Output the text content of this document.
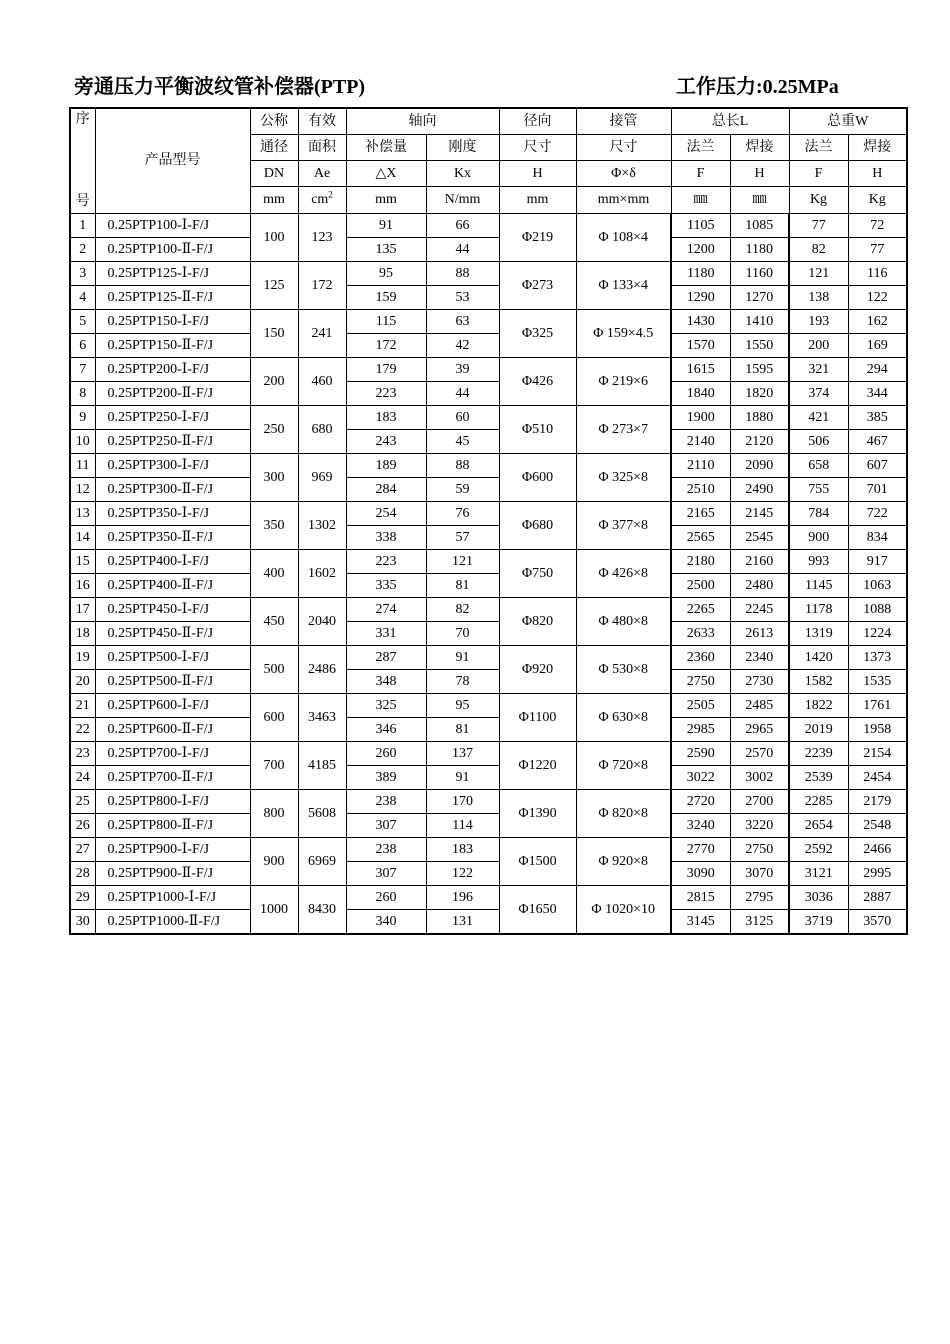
旁通压力平衡波纹管补偿器(PTP)	工作压力:0.25MPa
序
号	产品型号	公称	有效	轴向		径向	接管	总长L		总重W	
		通径	面积	补偿量	刚度	尺寸	尺寸	法兰	焊接	法兰	焊接
		DN	Ae	△X	Kx	H	Φ×δ	F	H	F	H
		mm	$cm^2$	mm	N/mm	mm	mm×mm	㎜	㎜	Kg	Kg
1	0.25PTP100-Ⅰ-F/J	100	123	91	66	Φ219	Φ 108×4	1105	1085	77	72
2	0.25PTP100-Ⅱ-F/J			135	44			1200	1180	82	77
3	0.25PTP125-Ⅰ-F/J	125	172	95	88	Φ273	Φ 133×4	1180	1160	121	116
4	0.25PTP125-Ⅱ-F/J			159	53			1290	1270	138	122
5	0.25PTP150-Ⅰ-F/J	150	241	115	63	Φ325	Φ 159×4.5	1430	1410	193	162
6	0.25PTP150-Ⅱ-F/J			172	42			1570	1550	200	169
7	0.25PTP200-Ⅰ-F/J	200	460	179	39	Φ426	Φ 219×6	1615	1595	321	294
8	0.25PTP200-Ⅱ-F/J			223	44			1840	1820	374	344
9	0.25PTP250-Ⅰ-F/J	250	680	183	60	Φ510	Φ 273×7	1900	1880	421	385
10	0.25PTP250-Ⅱ-F/J			243	45			2140	2120	506	467
11	0.25PTP300-Ⅰ-F/J	300	969	189	88	Φ600	Φ 325×8	2110	2090	658	607
12	0.25PTP300-Ⅱ-F/J			284	59			2510	2490	755	701
13	0.25PTP350-Ⅰ-F/J	350	1302	254	76	Φ680	Φ 377×8	2165	2145	784	722
14	0.25PTP350-Ⅱ-F/J			338	57			2565	2545	900	834
15	0.25PTP400-Ⅰ-F/J	400	1602	223	121	Φ750	Φ 426×8	2180	2160	993	917
16	0.25PTP400-Ⅱ-F/J			335	81			2500	2480	1145	1063
17	0.25PTP450-Ⅰ-F/J	450	2040	274	82	Φ820	Φ 480×8	2265	2245	1178	1088
18	0.25PTP450-Ⅱ-F/J			331	70			2633	2613	1319	1224
19	0.25PTP500-Ⅰ-F/J	500	2486	287	91	Φ920	Φ 530×8	2360	2340	1420	1373
20	0.25PTP500-Ⅱ-F/J			348	78			2750	2730	1582	1535
21	0.25PTP600-Ⅰ-F/J	600	3463	325	95	Φ1100	Φ 630×8	2505	2485	1822	1761
22	0.25PTP600-Ⅱ-F/J			346	81			2985	2965	2019	1958
23	0.25PTP700-Ⅰ-F/J	700	4185	260	137	Φ1220	Φ 720×8	2590	2570	2239	2154
24	0.25PTP700-Ⅱ-F/J			389	91			3022	3002	2539	2454
25	0.25PTP800-Ⅰ-F/J	800	5608	238	170	Φ1390	Φ 820×8	2720	2700	2285	2179
26	0.25PTP800-Ⅱ-F/J			307	114			3240	3220	2654	2548
27	0.25PTP900-Ⅰ-F/J	900	6969	238	183	Φ1500	Φ 920×8	2770	2750	2592	2466
28	0.25PTP900-Ⅱ-F/J			307	122			3090	3070	3121	2995
29	0.25PTP1000-Ⅰ-F/J	1000	8430	260	196	Φ1650	Φ 1020×10	2815	2795	3036	2887
30	0.25PTP1000-Ⅱ-F/J			340	131			3145	3125	3719	3570
